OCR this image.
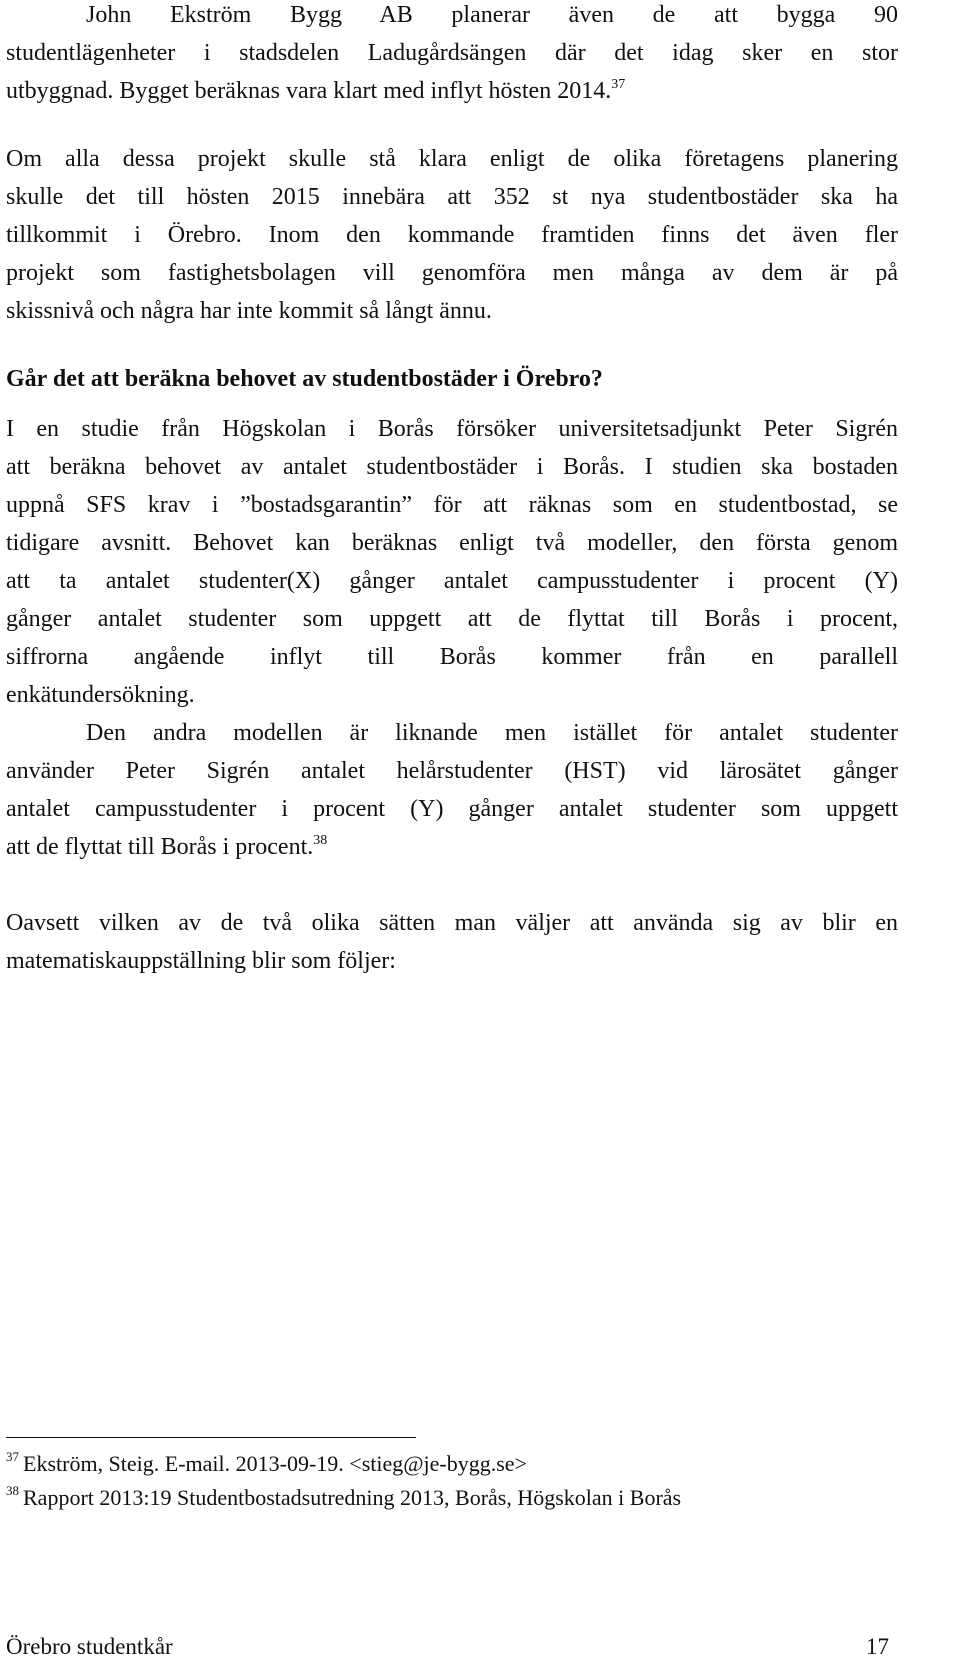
John Ekström Bygg AB planerar även de att bygga 90
studentlägenheter i stadsdelen Ladugårdsängen där det idag sker en stor
utbyggnad. Bygget beräknas vara klart med inflyt hösten 2014.37
Om alla dessa projekt skulle stå klara enligt de olika företagens planering
skulle det till hösten 2015 innebära att 352 st nya studentbostäder ska ha
tillkommit i Örebro. Inom den kommande framtiden finns det även fler
projekt som fastighetsbolagen vill genomföra men många av dem är på
skissnivå och några har inte kommit så långt ännu.
Går det att beräkna behovet av studentbostäder i Örebro?
I en studie från Högskolan i Borås försöker universitetsadjunkt Peter Sigrén
att beräkna behovet av antalet studentbostäder i Borås. I studien ska bostaden
uppnå SFS krav i ”bostadsgarantin” för att räknas som en studentbostad, se
tidigare avsnitt. Behovet kan beräknas enligt två modeller, den första genom
att ta antalet studenter(X) gånger antalet campusstudenter i procent (Y)
gånger antalet studenter som uppgett att de flyttat till Borås i procent,
siffrorna angående inflyt till Borås kommer från en parallell
enkätundersökning.
Den andra modellen är liknande men istället för antalet studenter
använder Peter Sigrén antalet helårstudenter (HST) vid lärosätet gånger
antalet campusstudenter i procent (Y) gånger antalet studenter som uppgett
att de flyttat till Borås i procent.$^{38}$
Oavsett vilken av de två olika sätten man väljer att använda sig av blir en
matematiskauppställning blir som följer:
$^{37}$ Ekström, Steig. E-mail. 2013-09-19. <stieg@je-bygg.se>
$^{38}$ Rapport 2013:19 Studentbostadsutredning 2013, Borås, Högskolan i Borås
Örebro studentkår	17
